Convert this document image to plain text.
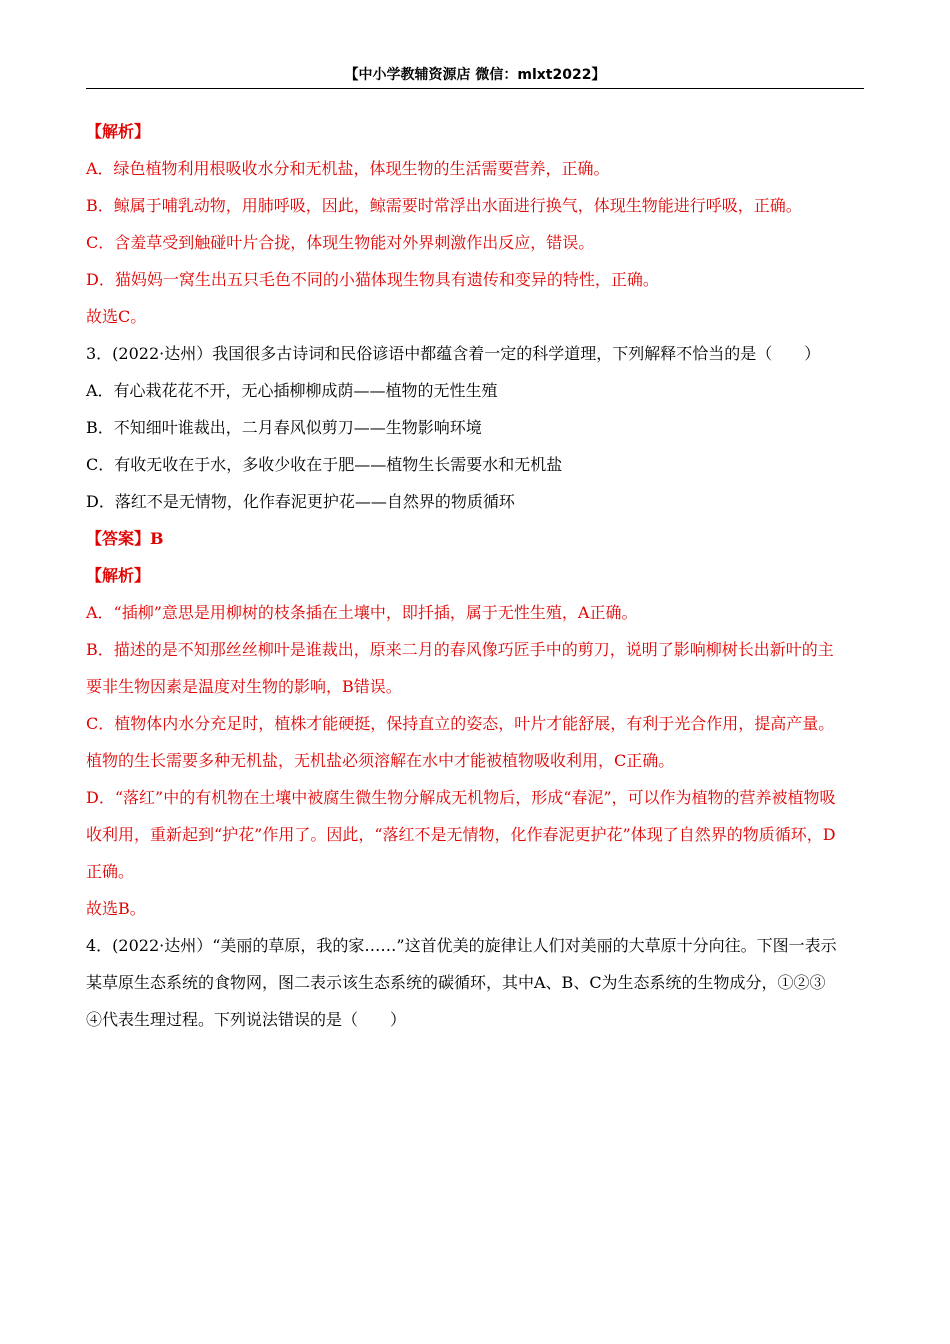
【中小学教辅资源店 微信：mlxt2022】
【解析】
A．绿色植物利用根吸收水分和无机盐，体现生物的生活需要营养，正确。
B．鲸属于哺乳动物，用肺呼吸，因此，鲸需要时常浮出水面进行换气，体现生物能进行呼吸，正确。
C．含羞草受到触碰叶片合拢，体现生物能对外界刺激作出反应，错误。
D．猫妈妈一窝生出五只毛色不同的小猫体现生物具有遗传和变异的特性，正确。
故选C。
3．(2022·达州）我国很多古诗词和民俗谚语中都蕴含着一定的科学道理，下列解释不恰当的是（　　）
A．有心栽花花不开，无心插柳柳成荫——植物的无性生殖
B．不知细叶谁裁出，二月春风似剪刀——生物影响环境
C．有收无收在于水，多收少收在于肥——植物生长需要水和无机盐
D．落红不是无情物，化作春泥更护花——自然界的物质循环
【答案】B
【解析】
A．“插柳”意思是用柳树的枝条插在土壤中，即扦插，属于无性生殖，A正确。
B．描述的是不知那丝丝柳叶是谁裁出，原来二月的春风像巧匠手中的剪刀，说明了影响柳树长出新叶的主
要非生物因素是温度对生物的影响，B错误。
C．植物体内水分充足时，植株才能硬挺，保持直立的姿态，叶片才能舒展，有利于光合作用，提高产量。
植物的生长需要多种无机盐，无机盐必须溶解在水中才能被植物吸收利用，C正确。
D．“落红”中的有机物在土壤中被腐生微生物分解成无机物后，形成“春泥”，可以作为植物的营养被植物吸
收利用，重新起到“护花”作用了。因此，“落红不是无情物，化作春泥更护花”体现了自然界的物质循环，D
正确。
故选B。
4．(2022·达州）“美丽的草原，我的家……”这首优美的旋律让人们对美丽的大草原十分向往。下图一表示
某草原生态系统的食物网，图二表示该生态系统的碳循环，其中A、B、C为生态系统的生物成分，①②③
④代表生理过程。下列说法错误的是（　　）
